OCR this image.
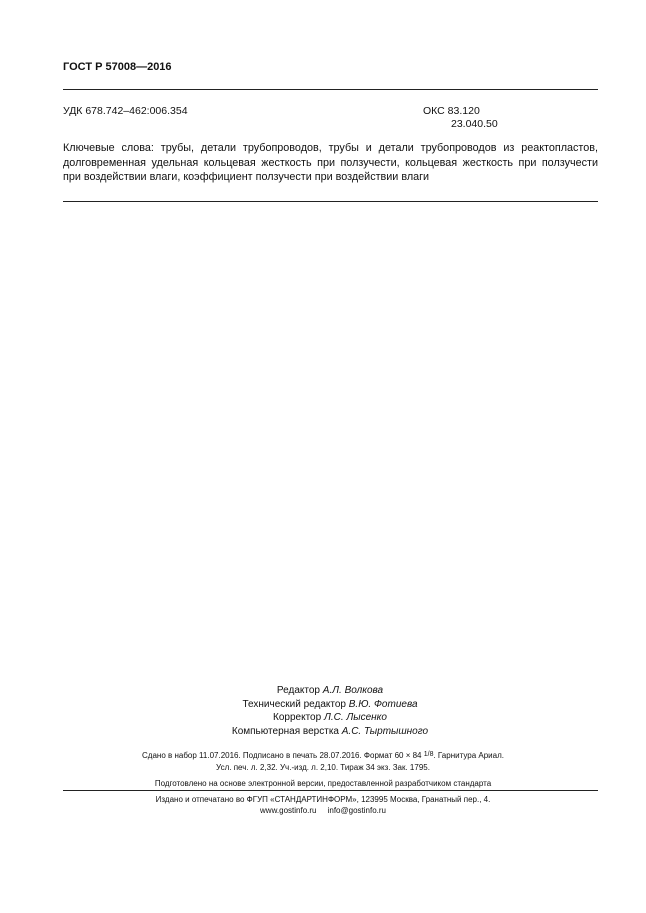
ГОСТ Р 57008—2016
УДК 678.742–462:006.354	ОКС 83.120
23.040.50
Ключевые слова: трубы, детали трубопроводов, трубы и детали трубопроводов из реактопластов,
долговременная удельная кольцевая жесткость при ползучести, кольцевая жесткость при ползучести
при воздействии влаги, коэффициент ползучести при воздействии влаги
Редактор А.Л. Волкова
Технический редактор В.Ю. Фотиева
Корректор Л.С. Лысенко
Компьютерная верстка А.С. Тыртышного
Сдано в набор 11.07.2016. Подписано в печать 28.07.2016. Формат 60 × 84 1/8. Гарнитура Ариал.
Усл. печ. л. 2,32. Уч.-изд. л. 2,10. Тираж 34 экз. Зак. 1795.
Подготовлено на основе электронной версии, предоставленной разработчиком стандарта
Издано и отпечатано во ФГУП «СТАНДАРТИНФОРМ», 123995 Москва, Гранатный пер., 4.
www.gostinfo.ru info@gostinfo.ru
